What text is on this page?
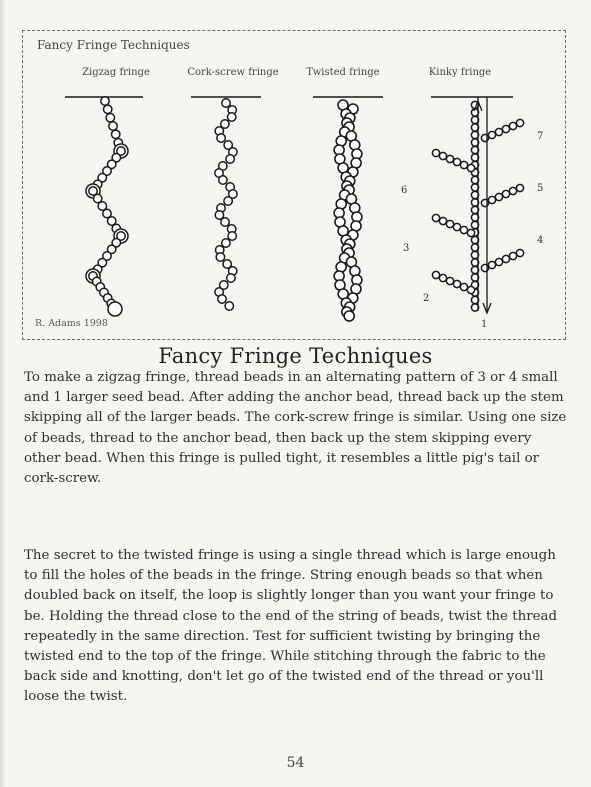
Fancy Fringe Techniques
Zigzag fringe	Cork-screw fringe	Twisted fringe	Kinky fringe
7
6	5
4
3
2
1
R. Adams 1998
Fancy Fringe Techniques

To make a zigzag fringe, thread beads in an alternating pattern of 3 or 4 small and 1 larger seed bead. After adding the anchor bead, thread back up the stem skipping all of the larger beads. The cork-screw fringe is similar. Using one size of beads, thread to the anchor bead, then back up the stem skipping every other bead. When this fringe is pulled tight, it resembles a little pig's tail or cork-screw.

The secret to the twisted fringe is using a single thread which is large enough to fill the holes of the beads in the fringe. String enough beads so that when doubled back on itself, the loop is slightly longer than you want your fringe to be. Holding the thread close to the end of the string of beads, twist the thread repeatedly in the same direction. Test for sufficient twisting by bringing the twisted end to the top of the fringe. While stitching through the fabric to the back side and knotting, don't let go of the twisted end of the thread or you'll loose the twist.

54
